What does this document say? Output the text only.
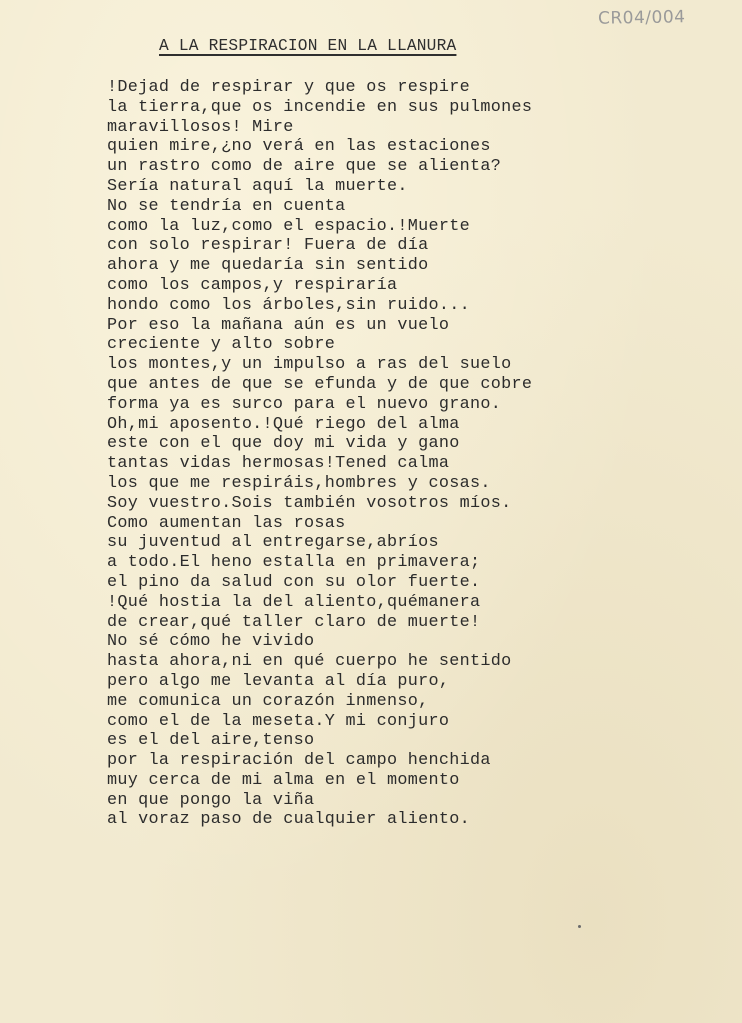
CR04/004
A LA RESPIRACION EN LA LLANURA
!Dejad de respirar y que os respire
la tierra,que os incendie en sus pulmones
maravillosos! Mire
quien mire,¿no verá en las estaciones
un rastro como de aire que se alienta?
Sería natural aquí la muerte.
No se tendría en cuenta
como la luz,como el espacio.!Muerte
con solo respirar! Fuera de día
ahora y me quedaría sin sentido
como los campos,y respiraría
hondo como los árboles,sin ruido...
Por eso la mañana aún es un vuelo
creciente y alto sobre
los montes,y un impulso a ras del suelo
que antes de que se efunda y de que cobre
forma ya es surco para el nuevo grano.
Oh,mi aposento.!Qué riego del alma
este con el que doy mi vida y gano
tantas vidas hermosas!Tened calma
los que me respiráis,hombres y cosas.
Soy vuestro.Sois también vosotros míos.
Como aumentan las rosas
su juventud al entregarse,abríos
a todo.El heno estalla en primavera;
el pino da salud con su olor fuerte.
!Qué hostia la del aliento,quémanera
de crear,qué taller claro de muerte!
No sé cómo he vivido
hasta ahora,ni en qué cuerpo he sentido
pero algo me levanta al día puro,
me comunica un corazón inmenso,
como el de la meseta.Y mi conjuro
es el del aire,tenso
por la respiración del campo henchida
muy cerca de mi alma en el momento
en que pongo la viña
al voraz paso de cualquier aliento.
